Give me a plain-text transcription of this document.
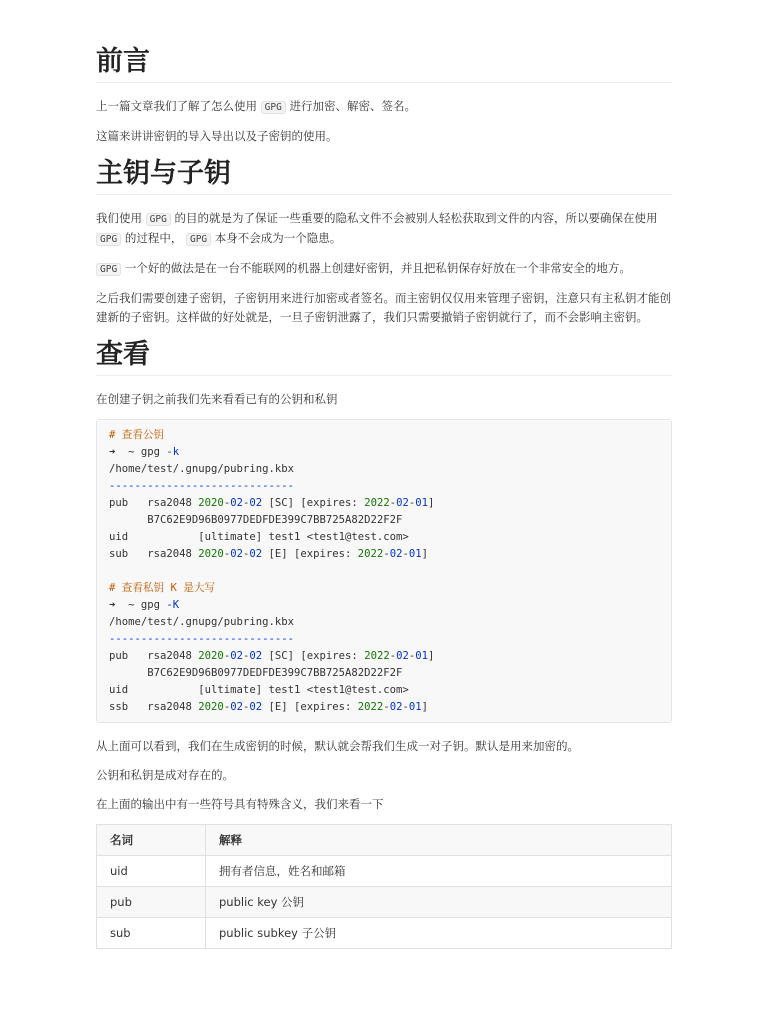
前言

上一篇文章我们了解了怎么使用 GPG 进行加密、解密、签名。

这篇来讲讲密钥的导入导出以及子密钥的使用。

主钥与子钥

我们使用 GPG 的目的就是为了保证一些重要的隐私文件不会被别人轻松获取到文件的内容，所以要确保在使用 GPG 的过程中， GPG 本身不会成为一个隐患。

GPG 一个好的做法是在一台不能联网的机器上创建好密钥，并且把私钥保存好放在一个非常安全的地方。

之后我们需要创建子密钥，子密钥用来进行加密或者签名。而主密钥仅仅用来管理子密钥，注意只有主私钥才能创建新的子密钥。这样做的好处就是，一旦子密钥泄露了，我们只需要撤销子密钥就行了，而不会影响主密钥。

查看

在创建子钥之前我们先来看看已有的公钥和私钥

# 查看公钥
➜  ~ gpg -k
/home/test/.gnupg/pubring.kbx
-----------------------------
pub   rsa2048 2020-02-02 [SC] [expires: 2022-02-01]
B7C62E9D96B0977DEDFDE399C7BB725A82D22F2F
uid           [ultimate] test1 <test1@test.com>
sub   rsa2048 2020-02-02 [E] [expires: 2022-02-01]
# 查看私钥 K 是大写
➜  ~ gpg -K
/home/test/.gnupg/pubring.kbx
-----------------------------
pub   rsa2048 2020-02-02 [SC] [expires: 2022-02-01]
B7C62E9D96B0977DEDFDE399C7BB725A82D22F2F
uid           [ultimate] test1 <test1@test.com>
ssb   rsa2048 2020-02-02 [E] [expires: 2022-02-01]

从上面可以看到，我们在生成密钥的时候，默认就会帮我们生成一对子钥。默认是用来加密的。

公钥和私钥是成对存在的。

在上面的输出中有一些符号具有特殊含义，我们来看一下

名词	解释
uid	拥有者信息，姓名和邮箱
pub	public key 公钥
sub	public subkey 子公钥
